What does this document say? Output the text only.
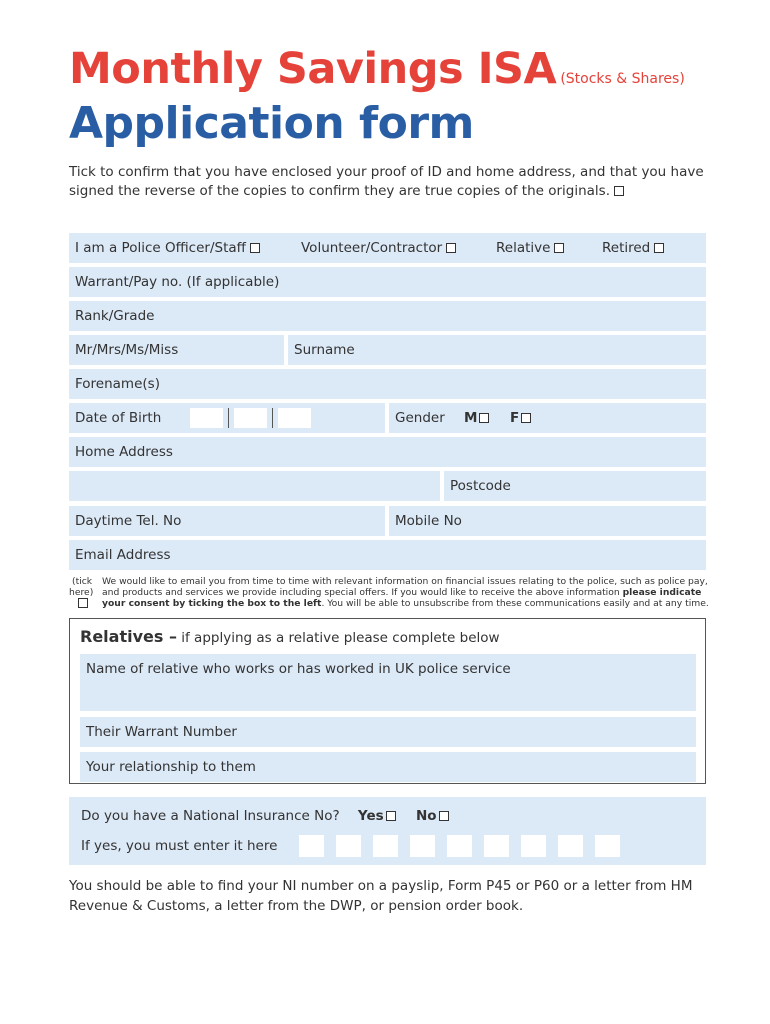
Monthly Savings ISA (Stocks & Shares)
Application form
Tick to confirm that you have enclosed your proof of ID and home address, and that you have signed the reverse of the copies to confirm they are true copies of the originals.
I am a Police Officer/Staff	Volunteer/Contractor	Relative	Retired
Warrant/Pay no. (If applicable)
Rank/Grade
Mr/Mrs/Ms/Miss	Surname
Forename(s)
Date of Birth	Gender M	F
Home Address
Postcode
Daytime Tel. No	Mobile No
Email Address
(tick
here)
We would like to email you from time to time with relevant information on financial issues relating to the police, such as police pay,
and products and services we provide including special offers. If you would like to receive the above information please indicate
your consent by ticking the box to the left. You will be able to unsubscribe from these communications easily and at any time.
Relatives – if applying as a relative please complete below
Name of relative who works or has worked in UK police service
Their Warrant Number
Your relationship to them
Do you have a National Insurance No? Yes No
If yes, you must enter it here
You should be able to find your NI number on a payslip, Form P45 or P60 or a letter from HM Revenue & Customs, a letter from the DWP, or pension order book.
